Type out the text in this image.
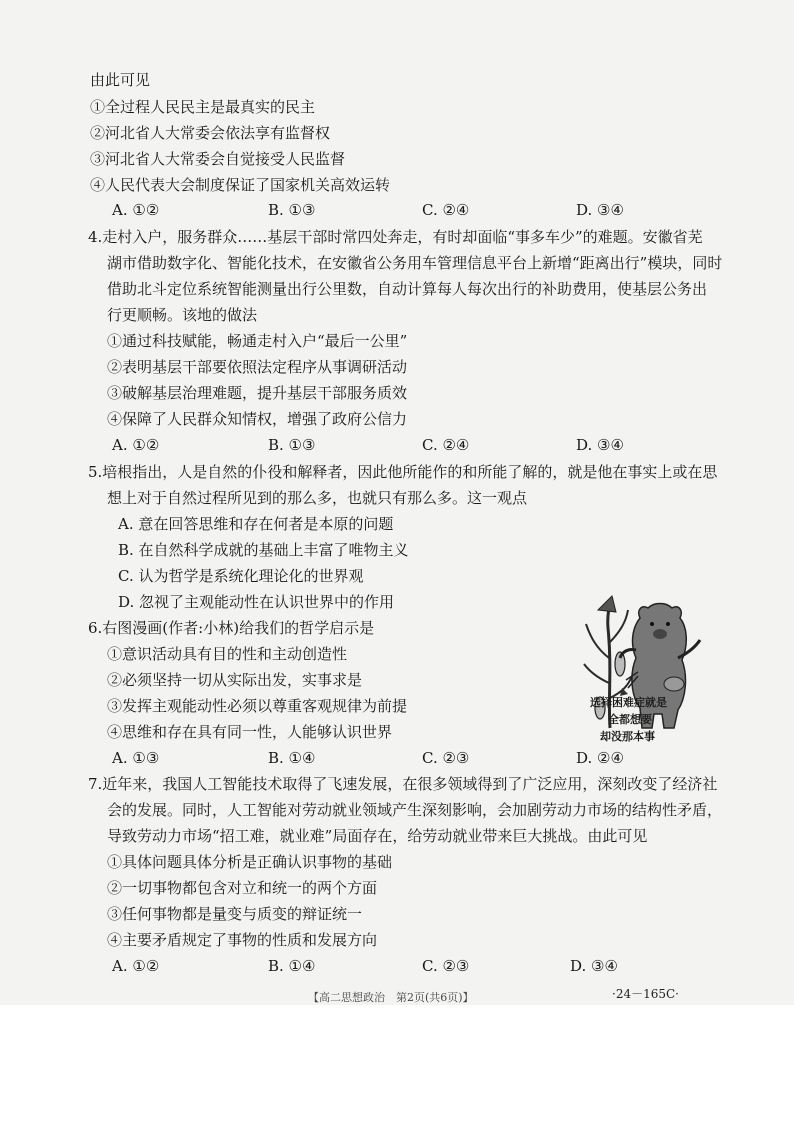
由此可见
①全过程人民民主是最真实的民主
②河北省人大常委会依法享有监督权
③河北省人大常委会自觉接受人民监督
④人民代表大会制度保证了国家机关高效运转
A. ①②	B. ①③	C. ②④	D. ③④
4.走村入户，服务群众……基层干部时常四处奔走，有时却面临“事多车少”的难题。安徽省芜
湖市借助数字化、智能化技术，在安徽省公务用车管理信息平台上新增“距离出行”模块，同时
借助北斗定位系统智能测量出行公里数，自动计算每人每次出行的补助费用，使基层公务出
行更顺畅。该地的做法
①通过科技赋能，畅通走村入户“最后一公里”
②表明基层干部要依照法定程序从事调研活动
③破解基层治理难题，提升基层干部服务质效
④保障了人民群众知情权，增强了政府公信力
A. ①②	B. ①③	C. ②④	D. ③④
5.培根指出，人是自然的仆役和解释者，因此他所能作的和所能了解的，就是他在事实上或在思
想上对于自然过程所见到的那么多，也就只有那么多。这一观点
A. 意在回答思维和存在何者是本原的问题
B. 在自然科学成就的基础上丰富了唯物主义
C. 认为哲学是系统化理论化的世界观
D. 忽视了主观能动性在认识世界中的作用
6.右图漫画(作者:小林)给我们的哲学启示是
①意识活动具有目的性和主动创造性
②必须坚持一切从实际出发，实事求是
③发挥主观能动性必须以尊重客观规律为前提
④思维和存在具有同一性，人能够认识世界
A. ①③	B. ①④	C. ②③	D. ②④
选择困难症就是
全都想要
却没那本事
7.近年来，我国人工智能技术取得了飞速发展，在很多领域得到了广泛应用，深刻改变了经济社
会的发展。同时，人工智能对劳动就业领域产生深刻影响，会加剧劳动力市场的结构性矛盾，
导致劳动力市场“招工难，就业难”局面存在，给劳动就业带来巨大挑战。由此可见
①具体问题具体分析是正确认识事物的基础
②一切事物都包含对立和统一的两个方面
③任何事物都是量变与质变的辩证统一
④主要矛盾规定了事物的性质和发展方向
A. ①②	B. ①④	C. ②③	D. ③④
【高二思想政治　第2页(共6页)】	·24－165C·
